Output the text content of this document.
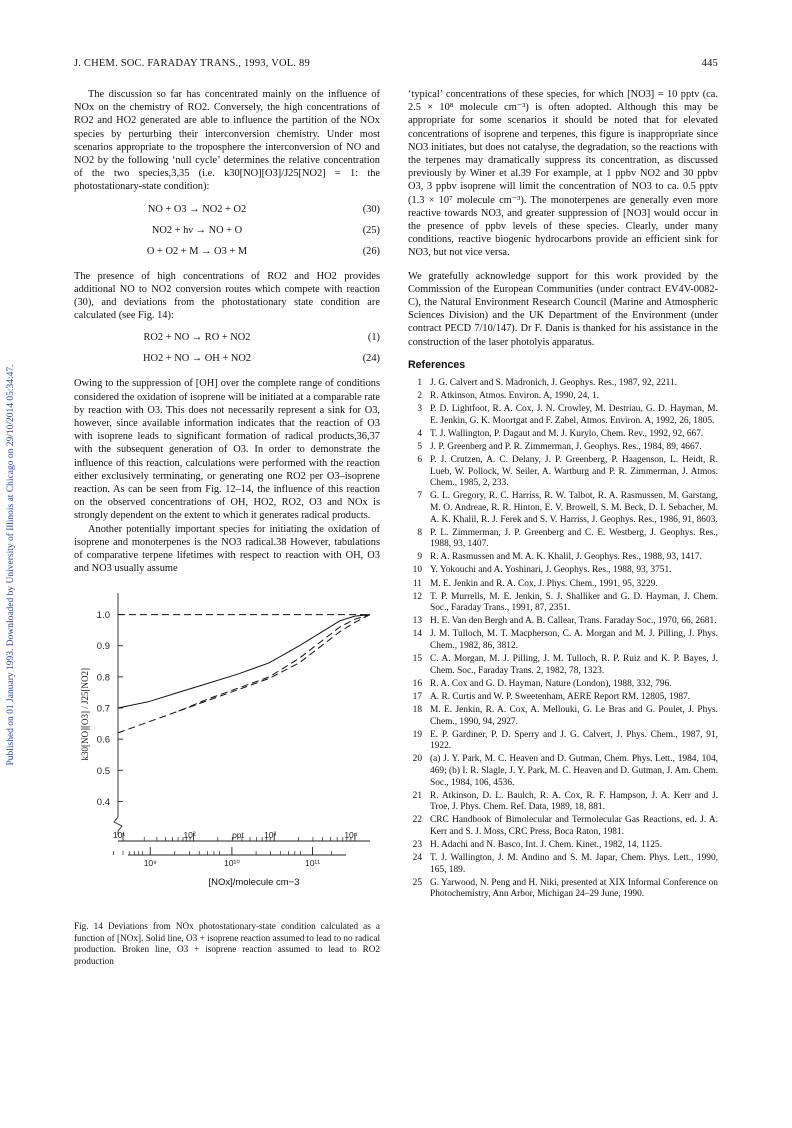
J. CHEM. SOC. FARADAY TRANS., 1993, VOL. 89	445
Published on 01 January 1993. Downloaded by University of Illinois at Chicago on 29/10/2014 05:34:47.

The discussion so far has concentrated mainly on the influence of NOx on the chemistry of RO2. Conversely, the high concentrations of RO2 and HO2 generated are able to influence the partition of the NOx species by perturbing their interconversion chemistry. Under most scenarios appropriate to the troposphere the interconversion of NO and NO2 by the following ‘null cycle’ determines the relative concentration of the two species,3,35 (i.e. k30[NO][O3]/J25[NO2] = 1: the photostationary-state condition):

NO + O3 → NO2 + O2	(30)
NO2 + hν → NO + O	(25)
O + O2 + M → O3 + M	(26)

The presence of high concentrations of RO2 and HO2 provides additional NO to NO2 conversion routes which compete with reaction (30), and deviations from the photostationary state condition are calculated (see Fig. 14):

RO2 + NO → RO + NO2	(1)
HO2 + NO → OH + NO2	(24)

Owing to the suppression of [OH] over the complete range of conditions considered the oxidation of isoprene will be initiated at a comparable rate by reaction with O3. This does not necessarily represent a sink for O3, however, since available information indicates that the reaction of O3 with isoprene leads to significant formation of radical products,36,37 with the subsequent generation of O3. In order to demonstrate the influence of this reaction, calculations were performed with the reaction either exclusively terminating, or generating one RO2 per O3–isoprene reaction. As can be seen from Fig. 12–14, the influence of this reaction on the observed concentrations of OH, HO2, RO2, O3 and NOx is strongly dependent on the extent to which it generates radical products.

Another potentially important species for initiating the oxidation of isoprene and monoterpenes is the NO3 radical.38 However, tabulations of comparative terpene lifetimes with respect to reaction with OH, O3 and NO3 usually assume

1.0
0.9
0.8
0.7
0.6
0.5
0.4
k30[NO][O3] / J25[NO2]
10¹	10²	ppt 10³	10⁴
10⁹	10¹⁰	10¹¹
[NOx]/molecule cm−3

Fig. 14 Deviations from NOx photostationary-state condition calculated as a function of [NOx]. Solid line, O3 + isoprene reaction assumed to lead to no radical production. Broken line, O3 + isoprene reaction assumed to lead to RO2 production

‘typical’ concentrations of these species, for which [NO3] = 10 pptv (ca. 2.5 × 10⁸ molecule cm⁻³) is often adopted. Although this may be appropriate for some scenarios it should be noted that for elevated concentrations of isoprene and terpenes, this figure is inappropriate since NO3 initiates, but does not catalyse, the degradation, so the reactions with the terpenes may dramatically suppress its concentration, as discussed previously by Winer et al.39 For example, at 1 ppbv NO2 and 30 ppbv O3, 3 ppbv isoprene will limit the concentration of NO3 to ca. 0.5 pptv (1.3 × 10⁷ molecule cm⁻³). The monoterpenes are generally even more reactive towards NO3, and greater suppression of [NO3] would occur in the presence of ppbv levels of these species. Clearly, under many conditions, reactive biogenic hydrocarbons provide an efficient sink for NO3, but not vice versa.

We gratefully acknowledge support for this work provided by the Commission of the European Communities (under contract EV4V-0082-C), the Natural Environment Research Council (Marine and Atmospheric Sciences Division) and the UK Department of the Environment (under contract PECD 7/10/147). Dr F. Danis is thanked for his assistance in the construction of the laser photolyis apparatus.

References
1 J. G. Calvert and S. Madronich, J. Geophys. Res., 1987, 92, 2211.
2 R. Atkinson, Atmos. Environ. A, 1990, 24, 1.
3 P. D. Lightfoot, R. A. Cox, J. N. Crowley, M. Destriau, G. D. Hayman, M. E. Jenkin, G. K. Moortgat and F. Zabel, Atmos. Environ. A, 1992, 26, 1805.
4 T. J. Wallington, P. Dagaut and M. J. Kurylo, Chem. Rev., 1992, 92, 667.
5 J. P. Greenberg and P. R. Zimmerman, J. Geophys. Res., 1984, 89, 4667.
6 P. J. Crutzen, A. C. Delany, J. P. Greenberg, P. Haagenson, L. Heidt, R. Lueb, W. Pollock, W. Seiler, A. Wartburg and P. R. Zimmerman, J. Atmos. Chem., 1985, 2, 233.
7 G. L. Gregory, R. C. Harriss, R. W. Talbot, R. A. Rasmussen, M. Garstang, M. O. Andreae, R. R. Hinton, E. V. Browell, S. M. Beck, D. I. Sebacher, M. A. K. Khalil, R. J. Ferek and S. V. Harriss, J. Geophys. Res., 1986, 91, 8603.
8 P. L. Zimmerman, J. P. Greenberg and C. E. Westberg, J. Geophys. Res., 1988, 93, 1407.
9 R. A. Rasmussen and M. A. K. Khalil, J. Geophys. Res., 1988, 93, 1417.
10 Y. Yokouchi and A. Yoshinari, J. Geophys. Res., 1988, 93, 3751.
11 M. E. Jenkin and R. A. Cox, J. Phys. Chem., 1991, 95, 3229.
12 T. P. Murrells, M. E. Jenkin, S. J. Shalliker and G. D. Hayman, J. Chem. Soc., Faraday Trans., 1991, 87, 2351.
13 H. E. Van den Bergh and A. B. Callear, Trans. Faraday Soc., 1970, 66, 2681.
14 J. M. Tulloch, M. T. Macpherson, C. A. Morgan and M. J. Pilling, J. Phys. Chem., 1982, 86, 3812.
15 C. A. Morgan, M. J. Pilling, J. M. Tulloch, R. P. Ruiz and K. P. Bayes, J. Chem. Soc., Faraday Trans. 2, 1982, 78, 1323.
16 R. A. Cox and G. D. Hayman, Nature (London), 1988, 332, 796.
17 A. R. Curtis and W. P. Sweetenham, AERE Report RM. 12805, 1987.
18 M. E. Jenkin, R. A. Cox, A. Mellouki, G. Le Bras and G. Poulet, J. Phys. Chem., 1990, 94, 2927.
19 E. P. Gardiner, P. D. Sperry and J. G. Calvert, J. Phys. Chem., 1987, 91, 1922.
20 (a) J. Y. Park, M. C. Heaven and D. Gutman, Chem. Phys. Lett., 1984, 104, 469; (b) I. R. Slagle, J. Y. Park, M. C. Heaven and D. Gutman, J. Am. Chem. Soc., 1984, 106, 4536.
21 R. Atkinson, D. L. Baulch, R. A. Cox, R. F. Hampson, J. A. Kerr and J. Troe, J. Phys. Chem. Ref. Data, 1989, 18, 881.
22 CRC Handbook of Bimolecular and Termolecular Gas Reactions, ed. J. A. Kerr and S. J. Moss, CRC Press, Boca Raton, 1981.
23 H. Adachi and N. Basco, Int. J. Chem. Kinet., 1982, 14, 1125.
24 T. J. Wallington, J. M. Andino and S. M. Japar, Chem. Phys. Lett., 1990, 165, 189.
25 G. Yarwood, N. Peng and H. Niki, presented at XIX Informal Conference on Photochemistry, Ann Arbor, Michigan 24–29 June, 1990.
